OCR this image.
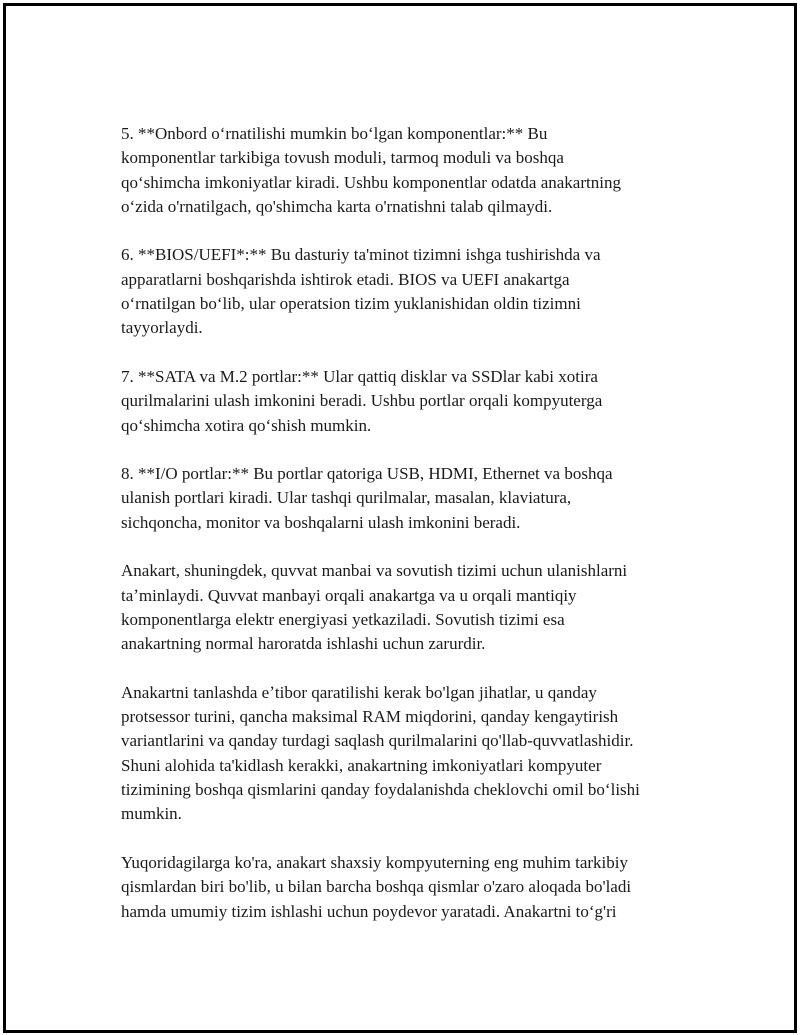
5. **Onbord oʻrnatilishi mumkin boʻlgan komponentlar:** Bu
komponentlar tarkibiga tovush moduli, tarmoq moduli va boshqa
qoʻshimcha imkoniyatlar kiradi. Ushbu komponentlar odatda anakartning
oʻzida o'rnatilgach, qo'shimcha karta o'rnatishni talab qilmaydi.

6. **BIOS/UEFI*:** Bu dasturiy ta'minot tizimni ishga tushirishda va
apparatlarni boshqarishda ishtirok etadi. BIOS va UEFI anakartga
oʻrnatilgan boʻlib, ular operatsion tizim yuklanishidan oldin tizimni
tayyorlaydi.

7. **SATA va M.2 portlar:** Ular qattiq disklar va SSDlar kabi xotira
qurilmalarini ulash imkonini beradi. Ushbu portlar orqali kompyuterga
qoʻshimcha xotira qoʻshish mumkin.

8. **I/O portlar:** Bu portlar qatoriga USB, HDMI, Ethernet va boshqa
ulanish portlari kiradi. Ular tashqi qurilmalar, masalan, klaviatura,
sichqoncha, monitor va boshqalarni ulash imkonini beradi.

Anakart, shuningdek, quvvat manbai va sovutish tizimi uchun ulanishlarni
taʼminlaydi. Quvvat manbayi orqali anakartga va u orqali mantiqiy
komponentlarga elektr energiyasi yetkaziladi. Sovutish tizimi esa
anakartning normal haroratda ishlashi uchun zarurdir.

Anakartni tanlashda eʼtibor qaratilishi kerak bo'lgan jihatlar, u qanday
protsessor turini, qancha maksimal RAM miqdorini, qanday kengaytirish
variantlarini va qanday turdagi saqlash qurilmalarini qo'llab-quvvatlashidir.
Shuni alohida ta'kidlash kerakki, anakartning imkoniyatlari kompyuter
tizimining boshqa qismlarini qanday foydalanishda cheklovchi omil boʻlishi
mumkin.

Yuqoridagilarga ko'ra, anakart shaxsiy kompyuterning eng muhim tarkibiy
qismlardan biri bo'lib, u bilan barcha boshqa qismlar o'zaro aloqada bo'ladi
hamda umumiy tizim ishlashi uchun poydevor yaratadi. Anakartni toʻg'ri
